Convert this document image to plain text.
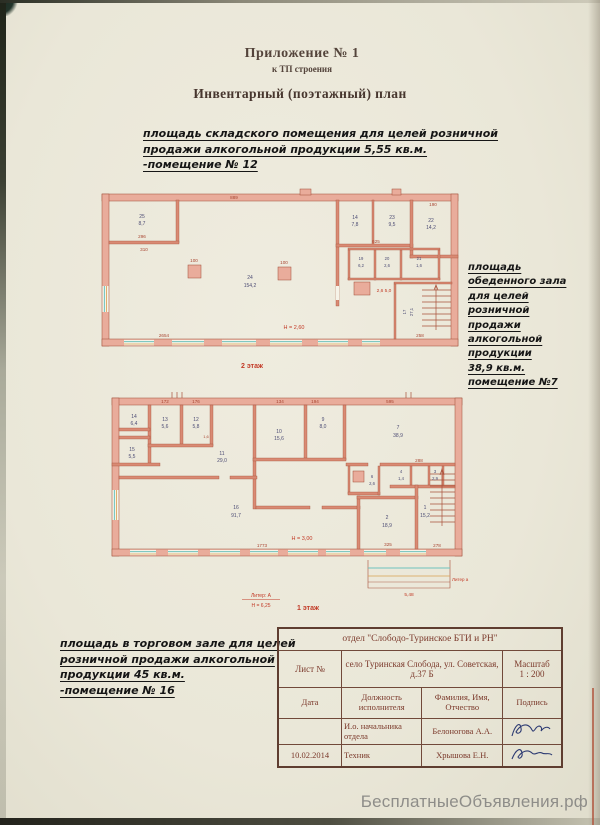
Приложение № 1
к ТП строения
Инвентарный (поэтажный) план
площадь складского помещения для целей розничной
продажи алкогольной продукции 5,55 кв.м.
-помещение № 12
25
8,7
14
7,8
23
9,5
22
14,2
19
6,2
20
2,6
21
1,6
24
154,2
17 27,1
889
190
296
310
625
2654	258
100	100
2,6 5,0
Н = 2,60
2 этаж
площадь
обеденного зала
для целей
розничной
продажи
алкогольной
продукции
38,9 кв.м.
помещение №7
14
6,4
13
5,6
12
5,8
15
5,5	11
29,0
10
15,6
9
8,0	7
38,9
6
2,6
4
1,4
3
2,9
2
18,9
1
15,2
16
91,7
172	176	134	194	595
288
1773	325	278
1,6
5,48
Н = 3,00
Литер: А
Н = 6,25	1 этаж
Литер а
площадь в торговом зале для целей
розничной продажи алкогольной
продукции 45 кв.м.
-помещение № 16
отдел "Слободо-Туринское БТИ и РН"			
Лист №	село Туринская Слобода, ул. Советская, д.37 Б		Масштаб
1 : 200
Дата	Должность исполнителя	Фамилия, Имя, Отчество	Подпись
	И.о. начальника отдела	Белоногова А.А.	
10.02.2014	Техник	Хрышова Е.Н.	
БесплатныеОбъявления.рф
